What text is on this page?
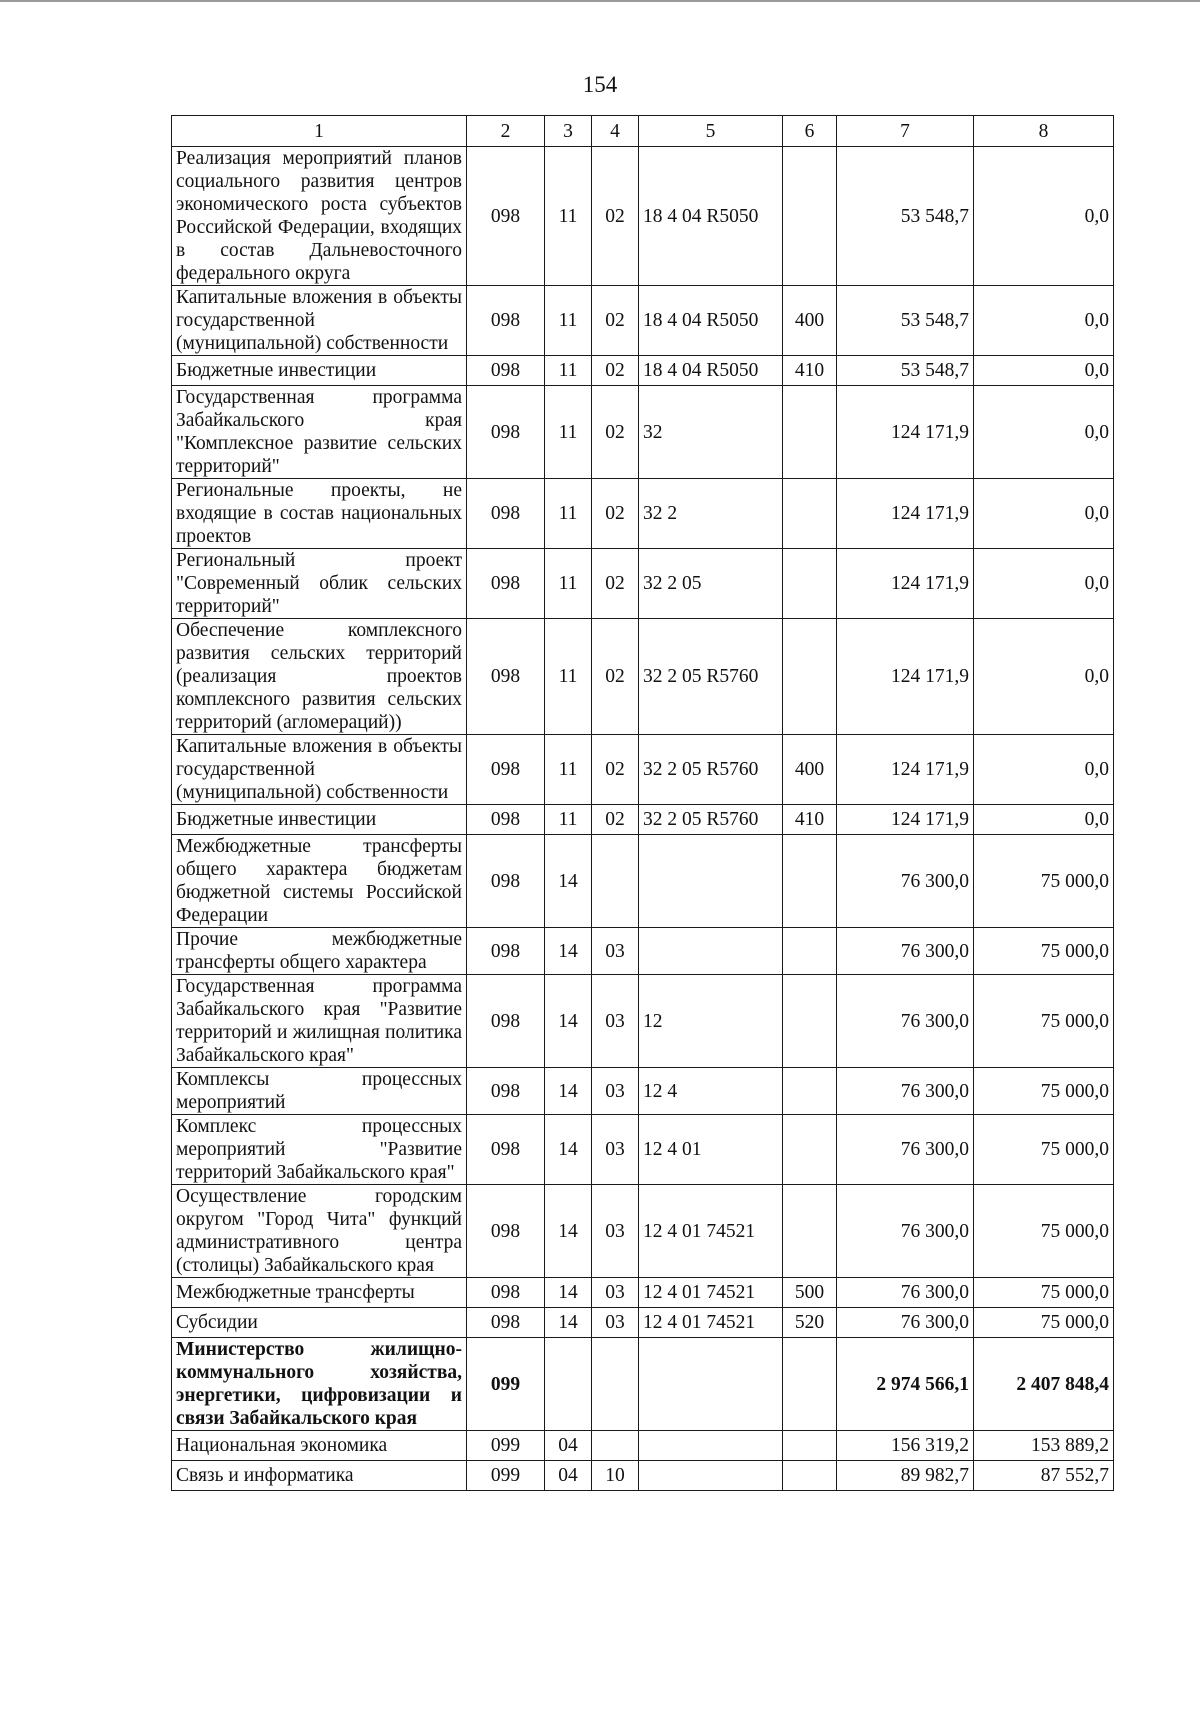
154
1	2	3	4	5	6	7	8
Реализация мероприятий планов социального развития центров экономического роста субъектов Российской Федерации, входящих в состав Дальневосточного федерального округа	098	11	02	18 4 04 R5050		53 548,7	0,0
Капитальные вложения в объекты государственной (муниципальной) собственности	098	11	02	18 4 04 R5050	400	53 548,7	0,0
Бюджетные инвестиции	098	11	02	18 4 04 R5050	410	53 548,7	0,0
Государственная программа Забайкальского края "Комплексное развитие сельских территорий"	098	11	02	32		124 171,9	0,0
Региональные проекты, не входящие в состав национальных проектов	098	11	02	32 2		124 171,9	0,0
Региональный проект "Современный облик сельских территорий"	098	11	02	32 2 05		124 171,9	0,0
Обеспечение комплексного развития сельских территорий (реализация проектов комплексного развития сельских территорий (агломераций))	098	11	02	32 2 05 R5760		124 171,9	0,0
Капитальные вложения в объекты государственной (муниципальной) собственности	098	11	02	32 2 05 R5760	400	124 171,9	0,0
Бюджетные инвестиции	098	11	02	32 2 05 R5760	410	124 171,9	0,0
Межбюджетные трансферты общего характера бюджетам бюджетной системы Российской Федерации	098	14				76 300,0	75 000,0
Прочие межбюджетные трансферты общего характера	098	14	03			76 300,0	75 000,0
Государственная программа Забайкальского края "Развитие территорий и жилищная политика Забайкальского края"	098	14	03	12		76 300,0	75 000,0
Комплексы процессных мероприятий	098	14	03	12 4		76 300,0	75 000,0
Комплекс процессных мероприятий "Развитие территорий Забайкальского края"	098	14	03	12 4 01		76 300,0	75 000,0
Осуществление городским округом "Город Чита" функций административного центра (столицы) Забайкальского края	098	14	03	12 4 01 74521		76 300,0	75 000,0
Межбюджетные трансферты	098	14	03	12 4 01 74521	500	76 300,0	75 000,0
Субсидии	098	14	03	12 4 01 74521	520	76 300,0	75 000,0
Министерство жилищно-коммунального хозяйства, энергетики, цифровизации и связи Забайкальского края	099					2 974 566,1	2 407 848,4
Национальная экономика	099	04				156 319,2	153 889,2
Связь и информатика	099	04	10			89 982,7	87 552,7
